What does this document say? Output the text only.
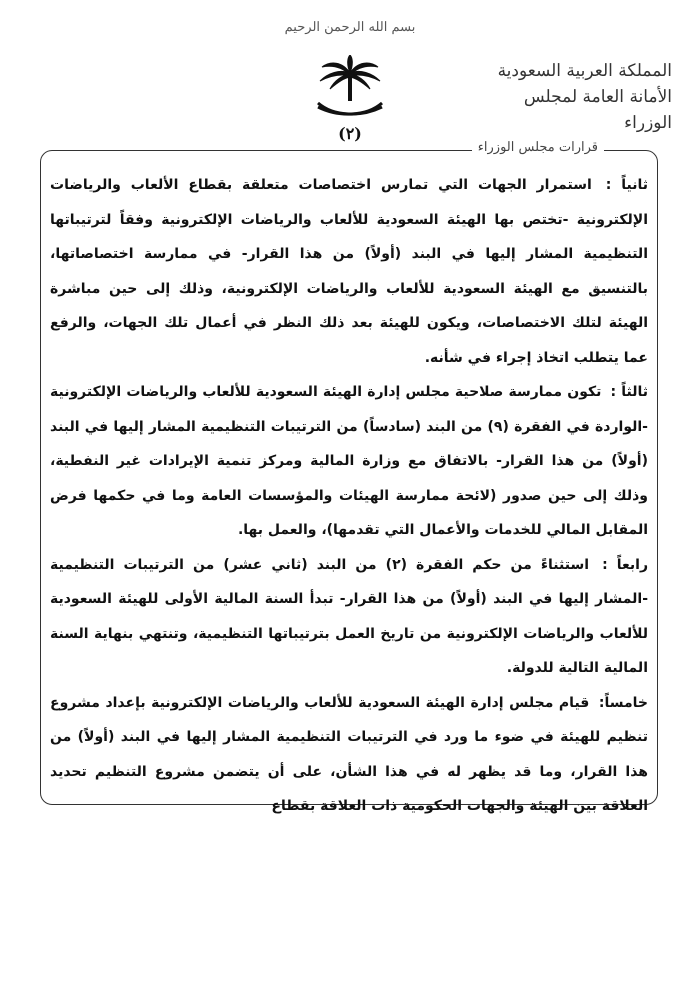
بسم الله الرحمن الرحيم
المملكة العربية السعودية
الأمانة العامة لمجلس الوزراء
(٢)
قرارات مجلس الوزراء

ثانياً : استمرار الجهات التي تمارس اختصاصات متعلقة بقطاع الألعاب والرياضات الإلكترونية -تختص بها الهيئة السعودية للألعاب والرياضات الإلكترونية وفقاً لترتيباتها التنظيمية المشار إليها في البند (أولاً) من هذا القرار- في ممارسة اختصاصاتها، بالتنسيق مع الهيئة السعودية للألعاب والرياضات الإلكترونية، وذلك إلى حين مباشرة الهيئة لتلك الاختصاصات، ويكون للهيئة بعد ذلك النظر في أعمال تلك الجهات، والرفع عما يتطلب اتخاذ إجراء في شأنه.

ثالثاً : تكون ممارسة صلاحية مجلس إدارة الهيئة السعودية للألعاب والرياضات الإلكترونية -الواردة في الفقرة (٩) من البند (سادساً) من الترتيبات التنظيمية المشار إليها في البند (أولاً) من هذا القرار- بالاتفاق مع وزارة المالية ومركز تنمية الإيرادات غير النفطية، وذلك إلى حين صدور (لائحة ممارسة الهيئات والمؤسسات العامة وما في حكمها فرض المقابل المالي للخدمات والأعمال التي تقدمها)، والعمل بها.

رابعاً : استثناءً من حكم الفقرة (٢) من البند (ثاني عشر) من الترتيبات التنظيمية -المشار إليها في البند (أولاً) من هذا القرار- تبدأ السنة المالية الأولى للهيئة السعودية للألعاب والرياضات الإلكترونية من تاريخ العمل بترتيباتها التنظيمية، وتنتهي بنهاية السنة المالية التالية للدولة.

خامساً: قيام مجلس إدارة الهيئة السعودية للألعاب والرياضات الإلكترونية بإعداد مشروع تنظيم للهيئة في ضوء ما ورد في الترتيبات التنظيمية المشار إليها في البند (أولاً) من هذا القرار، وما قد يظهر له في هذا الشأن، على أن يتضمن مشروع التنظيم تحديد العلاقة بين الهيئة والجهات الحكومية ذات العلاقة بقطاع
